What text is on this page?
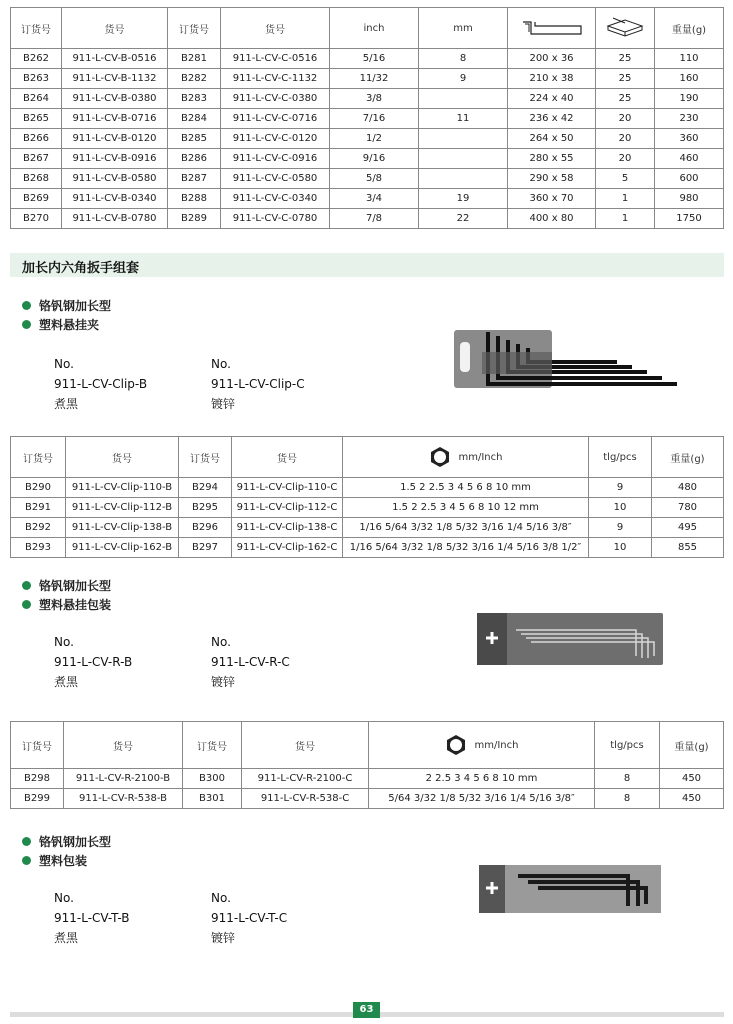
订货号	货号	订货号	货号	inch	mm			重量(g)
B262	911-L-CV-B-0516	B281	911-L-CV-C-0516	5/16	8	200 x 36	25	110
B263	911-L-CV-B-1132	B282	911-L-CV-C-1132	11/32	9	210 x 38	25	160
B264	911-L-CV-B-0380	B283	911-L-CV-C-0380	3/8		224 x 40	25	190
B265	911-L-CV-B-0716	B284	911-L-CV-C-0716	7/16	11	236 x 42	20	230
B266	911-L-CV-B-0120	B285	911-L-CV-C-0120	1/2		264 x 50	20	360
B267	911-L-CV-B-0916	B286	911-L-CV-C-0916	9/16		280 x 55	20	460
B268	911-L-CV-B-0580	B287	911-L-CV-C-0580	5/8		290 x 58	5	600
B269	911-L-CV-B-0340	B288	911-L-CV-C-0340	3/4	19	360 x 70	1	980
B270	911-L-CV-B-0780	B289	911-L-CV-C-0780	7/8	22	400 x 80	1	1750
加长内六角扳手组套
铬钒钢加长型
塑料悬挂夹
No.
911-L-CV-Clip-B
煮黑
No.
911-L-CV-Clip-C
镀锌
订货号	货号	订货号	货号	mm/Inch	tlg/pcs	重量(g)
B290	911-L-CV-Clip-110-B	B294	911-L-CV-Clip-110-C	1.5 2 2.5 3 4 5 6 8 10 mm	9	480
B291	911-L-CV-Clip-112-B	B295	911-L-CV-Clip-112-C	1.5 2 2.5 3 4 5 6 8 10 12 mm	10	780
B292	911-L-CV-Clip-138-B	B296	911-L-CV-Clip-138-C	1/16 5/64 3/32 1/8 5/32 3/16 1/4 5/16 3/8″	9	495
B293	911-L-CV-Clip-162-B	B297	911-L-CV-Clip-162-C	1/16 5/64 3/32 1/8 5/32 3/16 1/4 5/16 3/8 1/2″	10	855
铬钒钢加长型
塑料悬挂包装
No.
911-L-CV-R-B
煮黑
No.
911-L-CV-R-C
镀锌
订货号	货号	订货号	货号	mm/Inch	tlg/pcs	重量(g)
B298	911-L-CV-R-2100-B	B300	911-L-CV-R-2100-C	2 2.5 3 4 5 6 8 10 mm	8	450
B299	911-L-CV-R-538-B	B301	911-L-CV-R-538-C	5/64 3/32 1/8 5/32 3/16 1/4 5/16 3/8″	8	450
铬钒钢加长型
塑料包装
No.
911-L-CV-T-B
煮黑
No.
911-L-CV-T-C
镀锌
63
